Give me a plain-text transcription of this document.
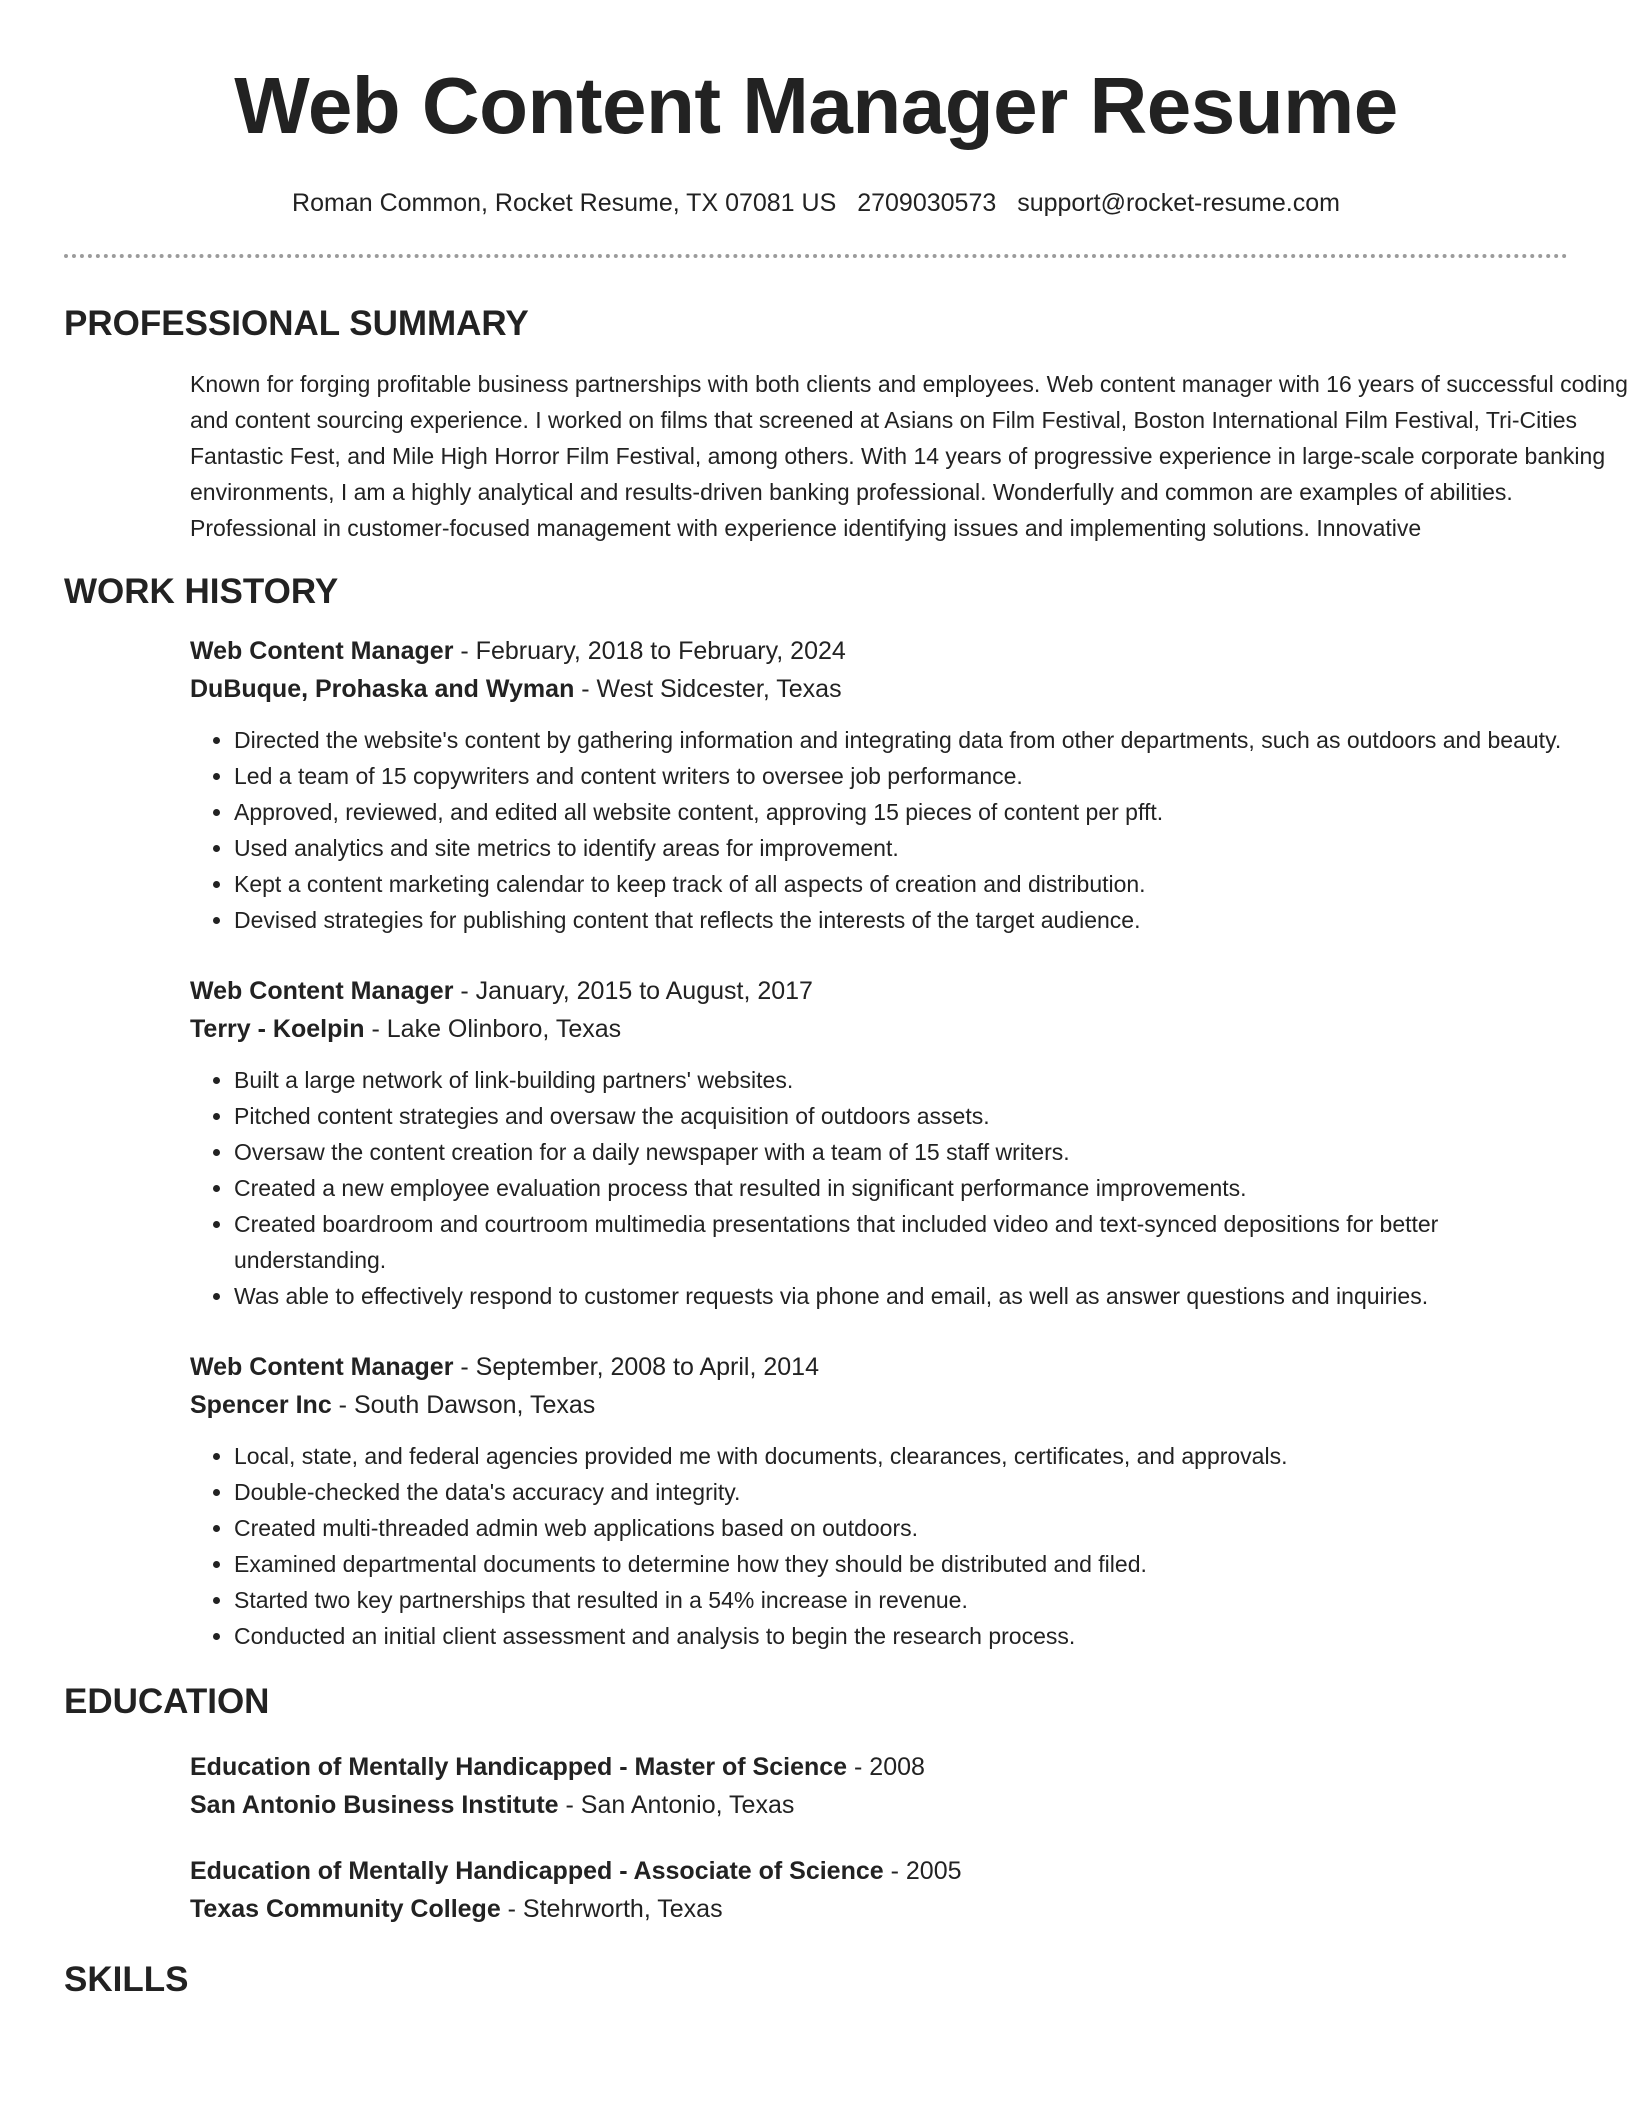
Web Content Manager Resume
Roman Common, Rocket Resume, TX 07081 US 2709030573 support@rocket-resume.com
PROFESSIONAL SUMMARY
Known for forging profitable business partnerships with both clients and employees. Web content manager with 16 years of successful coding and content sourcing experience. I worked on films that screened at Asians on Film Festival, Boston International Film Festival, Tri-Cities Fantastic Fest, and Mile High Horror Film Festival, among others. With 14 years of progressive experience in large-scale corporate banking environments, I am a highly analytical and results-driven banking professional. Wonderfully and common are examples of abilities. Professional in customer-focused management with experience identifying issues and implementing solutions. Innovative
WORK HISTORY
Web Content Manager - February, 2018 to February, 2024
DuBuque, Prohaska and Wyman - West Sidcester, Texas
• Directed the website's content by gathering information and integrating data from other departments, such as outdoors and beauty.
• Led a team of 15 copywriters and content writers to oversee job performance.
• Approved, reviewed, and edited all website content, approving 15 pieces of content per pfft.
• Used analytics and site metrics to identify areas for improvement.
• Kept a content marketing calendar to keep track of all aspects of creation and distribution.
• Devised strategies for publishing content that reflects the interests of the target audience.
Web Content Manager - January, 2015 to August, 2017
Terry - Koelpin - Lake Olinboro, Texas
• Built a large network of link-building partners' websites.
• Pitched content strategies and oversaw the acquisition of outdoors assets.
• Oversaw the content creation for a daily newspaper with a team of 15 staff writers.
• Created a new employee evaluation process that resulted in significant performance improvements.
• Created boardroom and courtroom multimedia presentations that included video and text-synced depositions for better understanding.
• Was able to effectively respond to customer requests via phone and email, as well as answer questions and inquiries.
Web Content Manager - September, 2008 to April, 2014
Spencer Inc - South Dawson, Texas
• Local, state, and federal agencies provided me with documents, clearances, certificates, and approvals.
• Double-checked the data's accuracy and integrity.
• Created multi-threaded admin web applications based on outdoors.
• Examined departmental documents to determine how they should be distributed and filed.
• Started two key partnerships that resulted in a 54% increase in revenue.
• Conducted an initial client assessment and analysis to begin the research process.
EDUCATION
Education of Mentally Handicapped - Master of Science - 2008
San Antonio Business Institute - San Antonio, Texas
Education of Mentally Handicapped - Associate of Science - 2005
Texas Community College - Stehrworth, Texas
SKILLS
